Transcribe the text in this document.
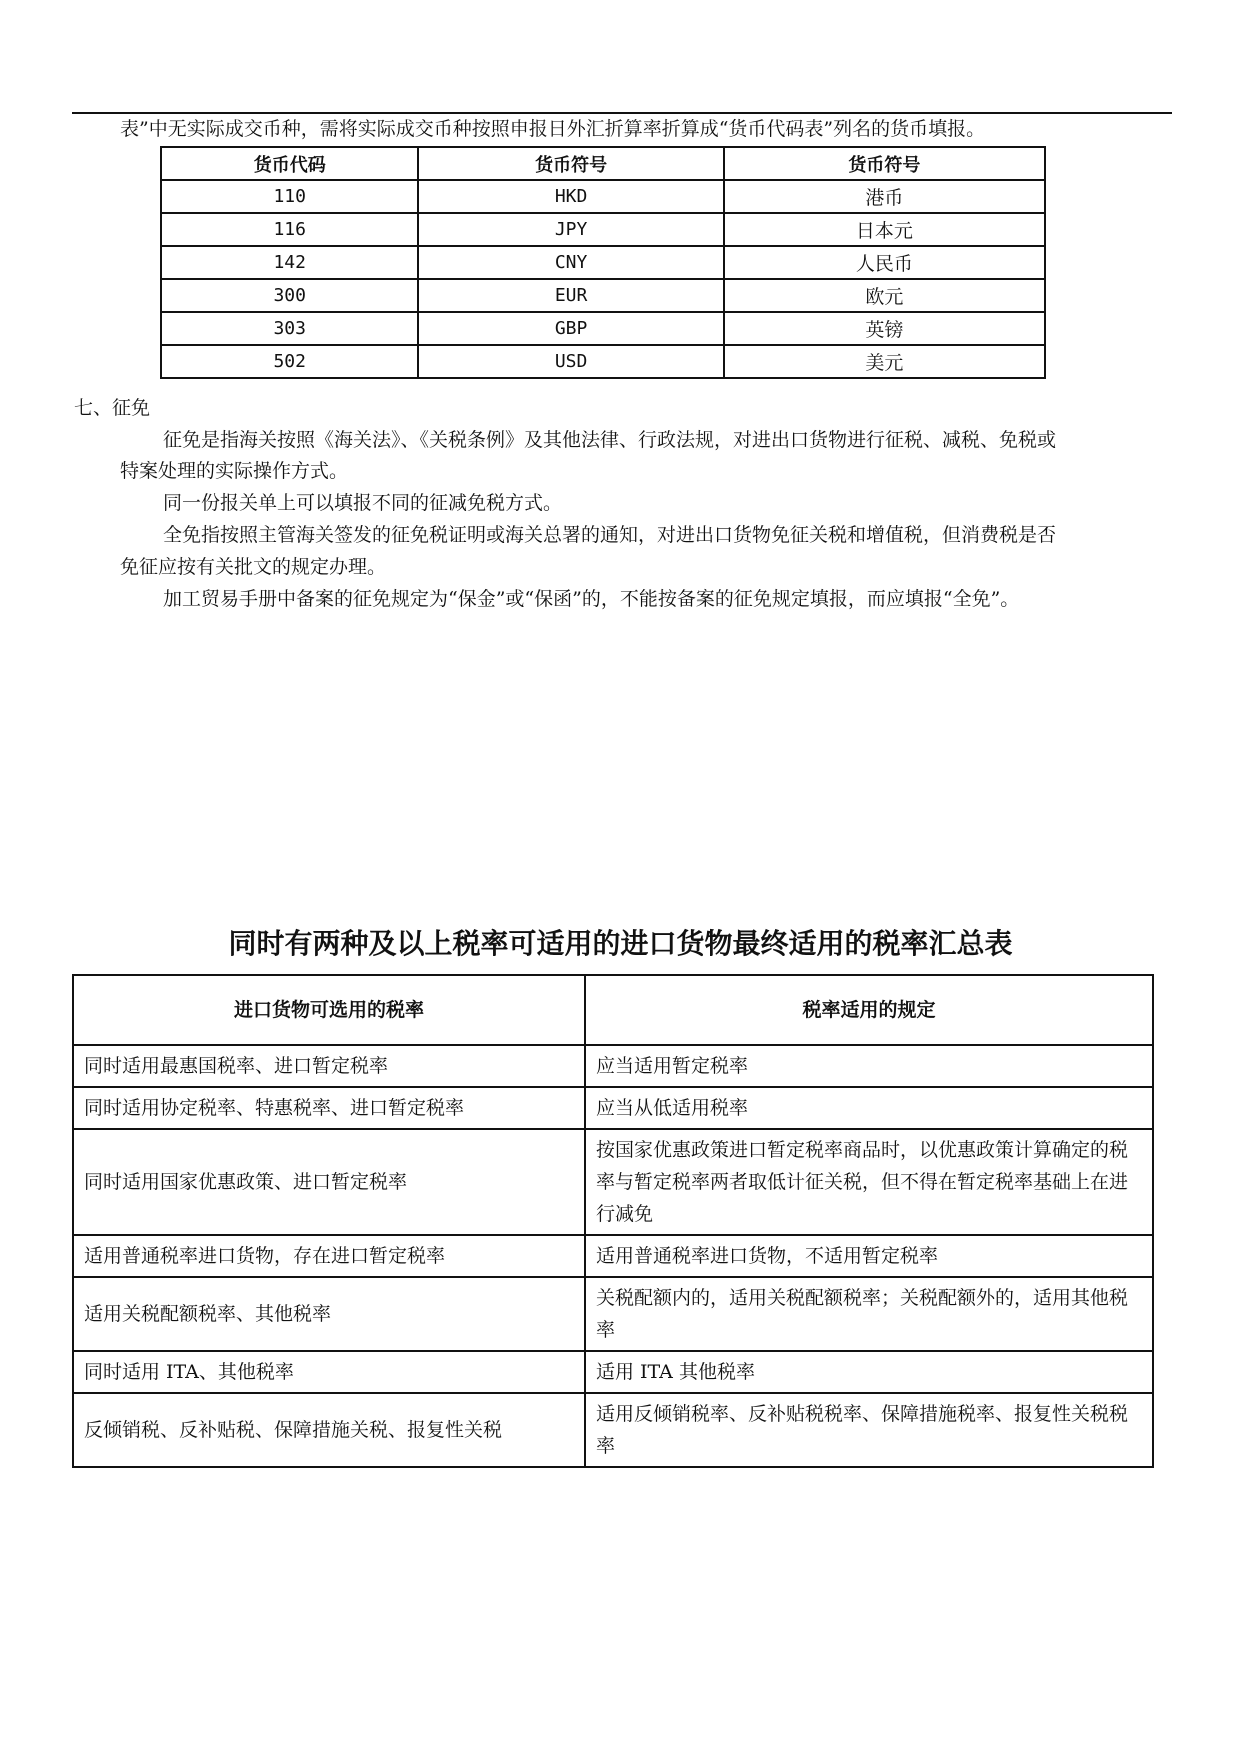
表”中无实际成交币种，需将实际成交币种按照申报日外汇折算率折算成“货币代码表”列名的货币填报。
货币代码	货币符号	货币符号
110	HKD	港币
116	JPY	日本元
142	CNY	人民币
300	EUR	欧元
303	GBP	英镑
502	USD	美元
七、征免
征免是指海关按照《海关法》、《关税条例》及其他法律、行政法规，对进出口货物进行征税、减税、免税或
特案处理的实际操作方式。
同一份报关单上可以填报不同的征减免税方式。
全免指按照主管海关签发的征免税证明或海关总署的通知，对进出口货物免征关税和增值税，但消费税是否
免征应按有关批文的规定办理。
加工贸易手册中备案的征免规定为“保金”或“保函”的，不能按备案的征免规定填报，而应填报“全免”。
同时有两种及以上税率可适用的进口货物最终适用的税率汇总表
进口货物可选用的税率	税率适用的规定
同时适用最惠国税率、进口暂定税率	应当适用暂定税率
同时适用协定税率、特惠税率、进口暂定税率	应当从低适用税率
同时适用国家优惠政策、进口暂定税率	按国家优惠政策进口暂定税率商品时，以优惠政策计算确定的税率与暂定税率两者取低计征关税，但不得在暂定税率基础上在进行减免
适用普通税率进口货物，存在进口暂定税率	适用普通税率进口货物，不适用暂定税率
适用关税配额税率、其他税率	关税配额内的，适用关税配额税率；关税配额外的，适用其他税率
同时适用 ITA、其他税率	适用 ITA 其他税率
反倾销税、反补贴税、保障措施关税、报复性关税	适用反倾销税率、反补贴税税率、保障措施税率、报复性关税税率
